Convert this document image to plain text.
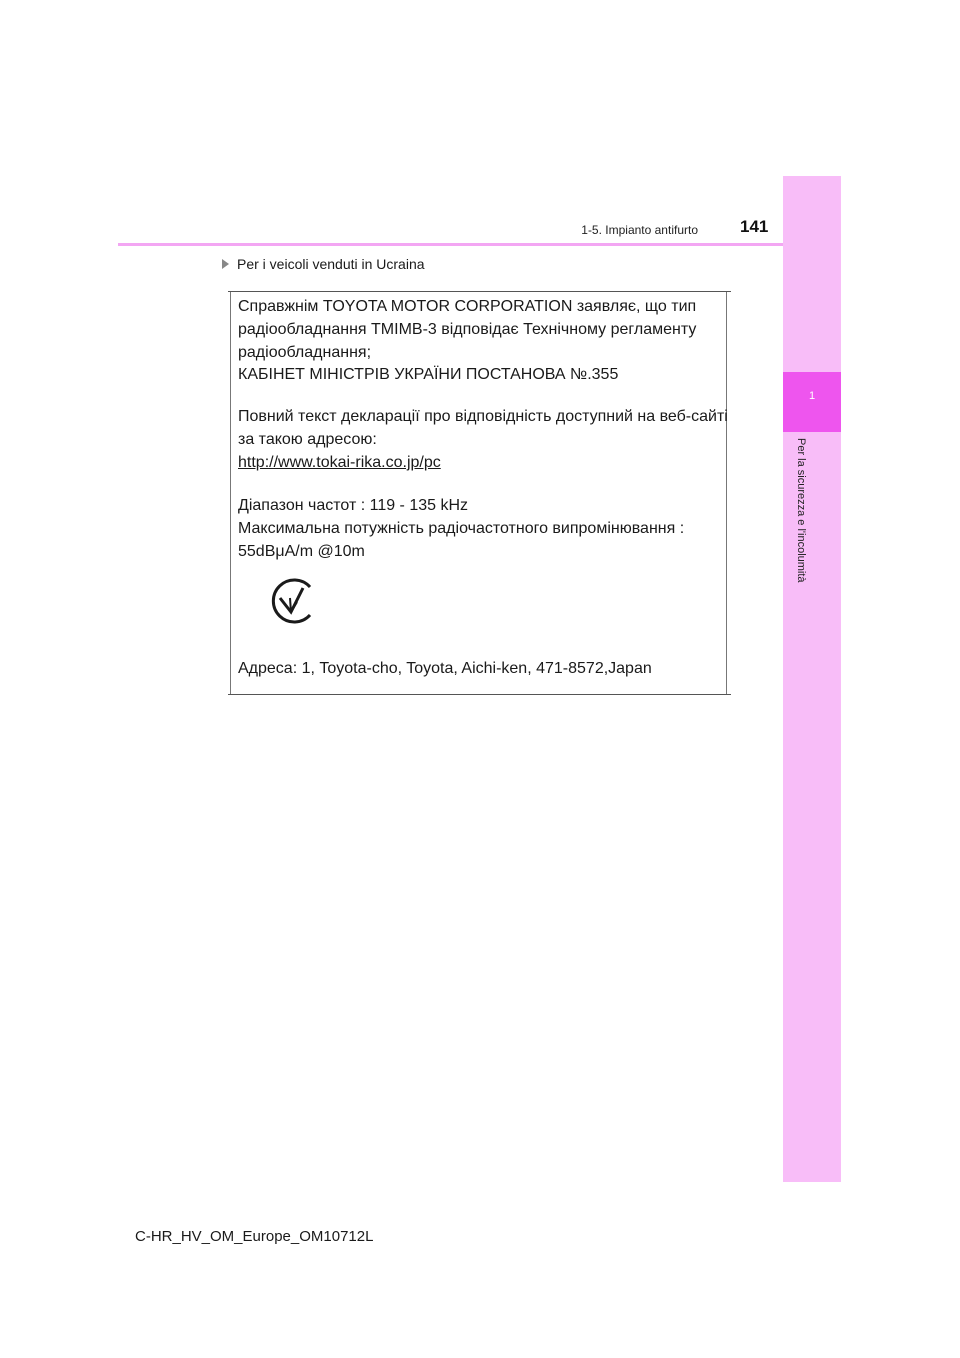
1
Per la sicurezza e l'incolumità
1-5. Impianto antifurto 141
Per i veicoli venduti in Ucraina
Справжнім TOYOTA MOTOR CORPORATION заявляє, що тип
радіообладнання TMIMB-3 відповідає Технічному регламенту
радіообладнання;
КАБІНЕТ МІНІСТРІВ УКРАЇНИ ПОСТАНОВА №.355
Повний текст декларації про відповідність доступний на веб-сайті
за такою адресою:
http://www.tokai-rika.co.jp/pc
Діапазон частот : 119 - 135 kHz
Максимальна потужність радіочастотного випромінювання :
55dBμA/m @10m
Адреса: 1, Toyota-cho, Toyota, Aichi-ken, 471-8572,Japan
C-HR_HV_OM_Europe_OM10712L
